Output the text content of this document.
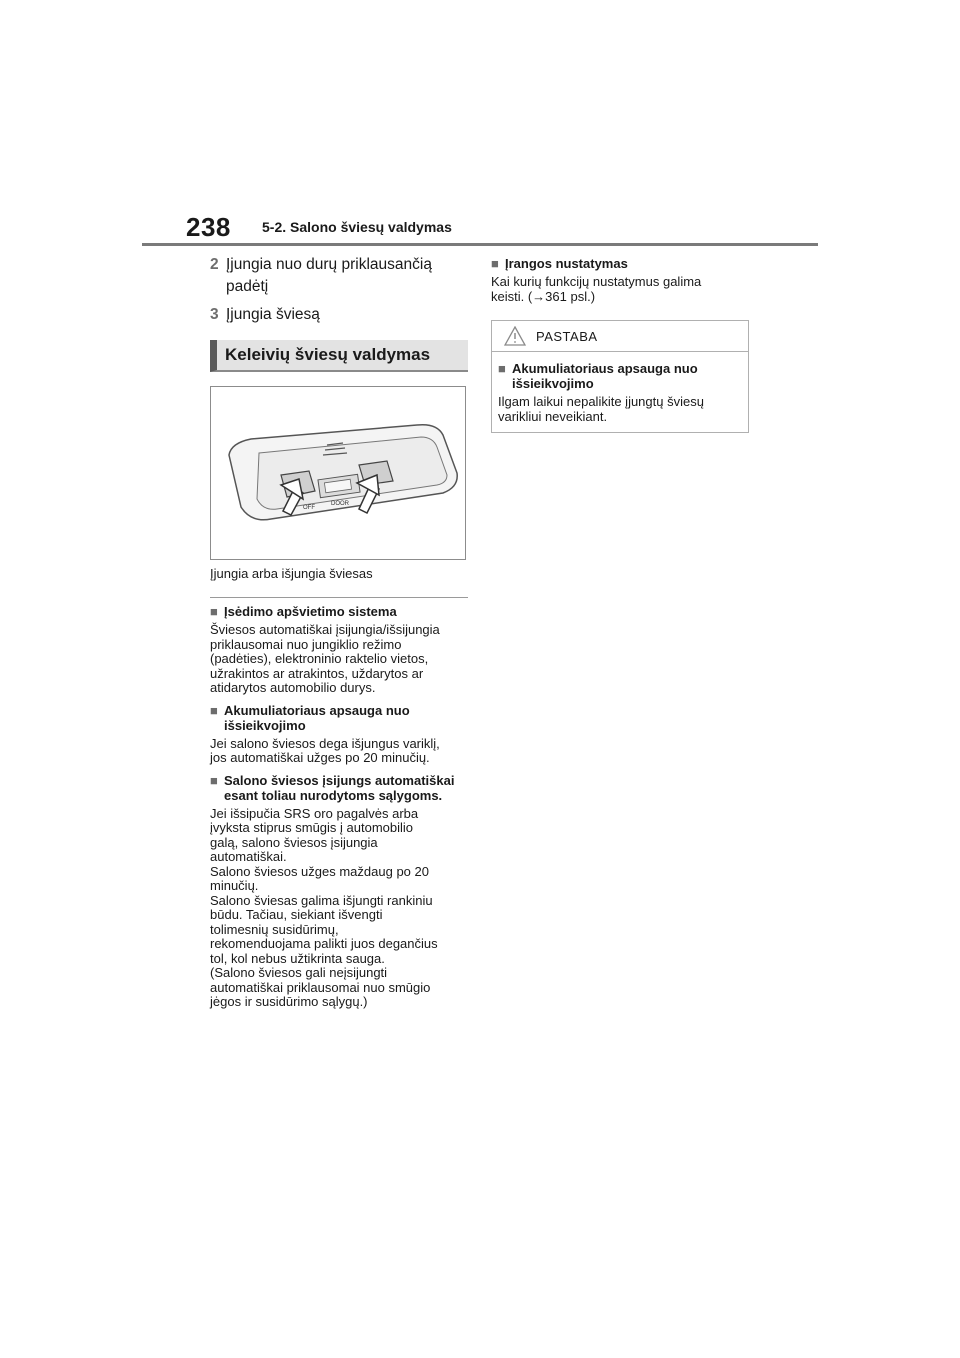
238 5-2. Salono šviesų valdymas
2 Įjungia nuo durų priklausančią padėtį
3 Įjungia šviesą
Keleivių šviesų valdymas
OFF
DOOR
Įjungia arba išjungia šviesas
■ Įsėdimo apšvietimo sistema
Šviesos automatiškai įsijungia/išsijungia
priklausomai nuo jungiklio režimo
(padėties), elektroninio raktelio vietos,
užrakintos ar atrakintos, uždarytos ar
atidarytos automobilio durys.
■ Akumuliatoriaus apsauga nuo išsieikvojimo
Jei salono šviesos dega išjungus variklį,
jos automatiškai užges po 20 minučių.
■ Salono šviesos įsijungs automatiškai esant toliau nurodytoms sąlygoms.
Jei išsipučia SRS oro pagalvės arba
įvyksta stiprus smūgis į automobilio
galą, salono šviesos įsijungia
automatiškai.
Salono šviesos užges maždaug po 20
minučių.
Salono šviesas galima išjungti rankiniu
būdu. Tačiau, siekiant išvengti
tolimesnių susidūrimų,
rekomenduojama palikti juos degančius
tol, kol nebus užtikrinta sauga.
(Salono šviesos gali neįsijungti
automatiškai priklausomai nuo smūgio
jėgos ir susidūrimo sąlygų.)
■ Įrangos nustatymas
Kai kurių funkcijų nustatymus galima
keisti. (→361 psl.)
PASTABA
■ Akumuliatoriaus apsauga nuo išsieikvojimo
Ilgam laikui nepalikite įjungtų šviesų
varikliui neveikiant.
